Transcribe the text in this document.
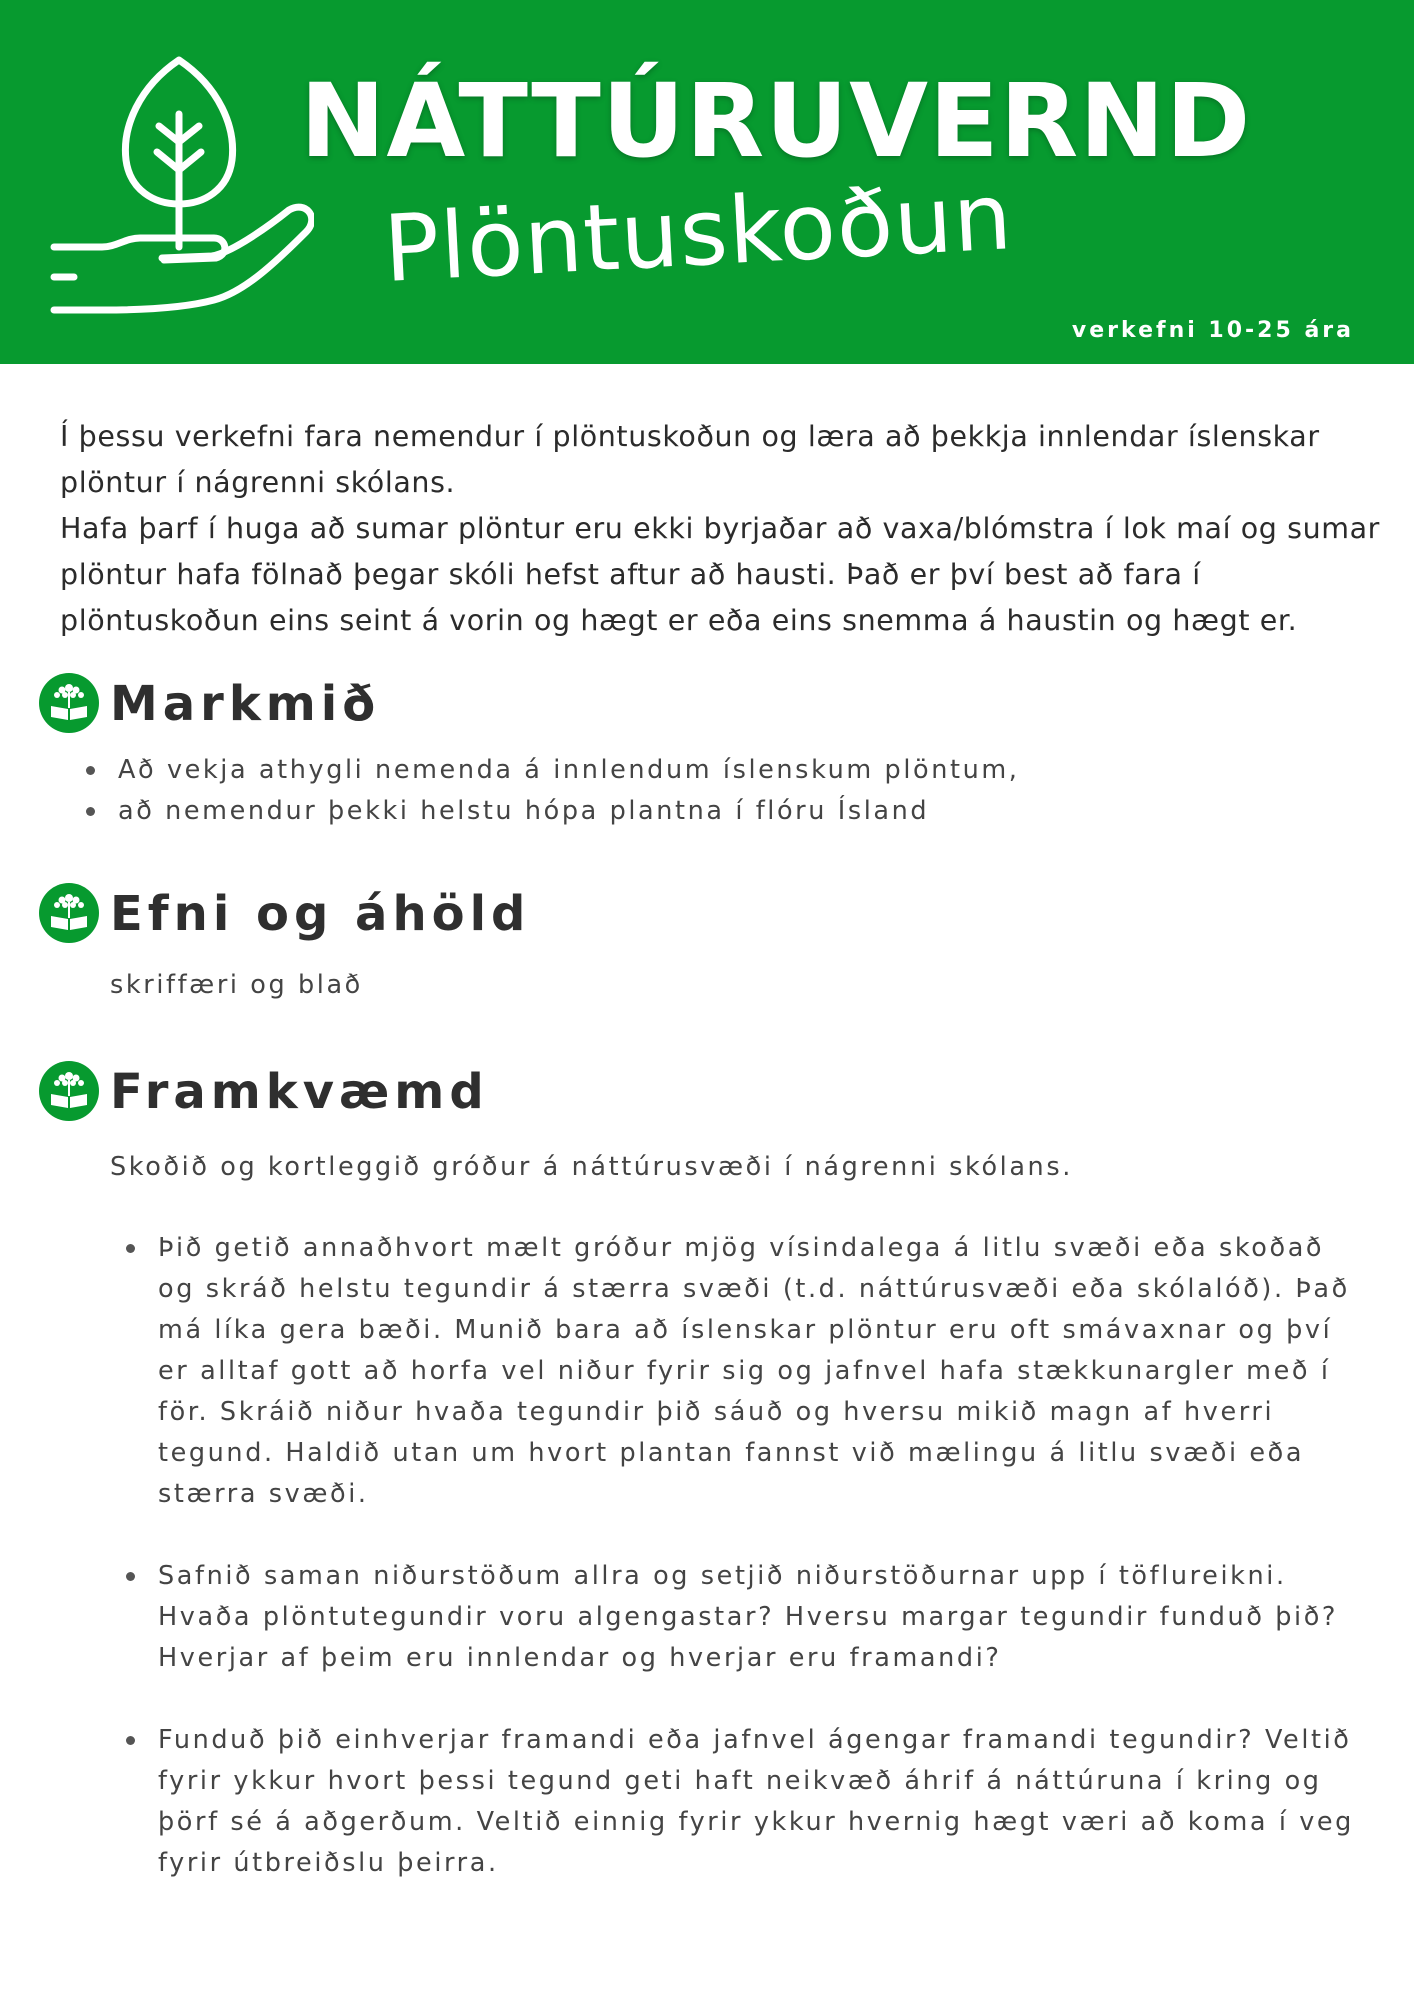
NÁTTÚRUVERND
Plöntuskoðun
verkefni 10-25 ára

Í þessu verkefni fara nemendur í plöntuskoðun og læra að þekkja innlendar íslenskar plöntur í nágrenni skólans.

Hafa þarf í huga að sumar plöntur eru ekki byrjaðar að vaxa/blómstra í lok maí og sumar plöntur hafa fölnað þegar skóli hefst aftur að hausti. Það er því best að fara í plöntuskoðun eins seint á vorin og hægt er eða eins snemma á haustin og hægt er.

Markmið
Að vekja athygli nemenda á innlendum íslenskum plöntum,
að nemendur þekki helstu hópa plantna í flóru Ísland
Efni og áhöld

skriffæri og blað

Framkvæmd

Skoðið og kortleggið gróður á náttúrusvæði í nágrenni skólans.

Þið getið annaðhvort mælt gróður mjög vísindalega á litlu svæði eða skoðað og skráð helstu tegundir á stærra svæði (t.d. náttúrusvæði eða skólalóð). Það má líka gera bæði. Munið bara að íslenskar plöntur eru oft smávaxnar og því er alltaf gott að horfa vel niður fyrir sig og jafnvel hafa stækkunargler með í för. Skráið niður hvaða tegundir þið sáuð og hversu mikið magn af hverri tegund. Haldið utan um hvort plantan fannst við mælingu á litlu svæði eða stærra svæði.
Safnið saman niðurstöðum allra og setjið niðurstöðurnar upp í töflureikni. Hvaða plöntutegundir voru algengastar? Hversu margar tegundir funduð þið? Hverjar af þeim eru innlendar og hverjar eru framandi?
Funduð þið einhverjar framandi eða jafnvel ágengar framandi tegundir? Veltið fyrir ykkur hvort þessi tegund geti haft neikvæð áhrif á náttúruna í kring og þörf sé á aðgerðum. Veltið einnig fyrir ykkur hvernig hægt væri að koma í veg fyrir útbreiðslu þeirra.
